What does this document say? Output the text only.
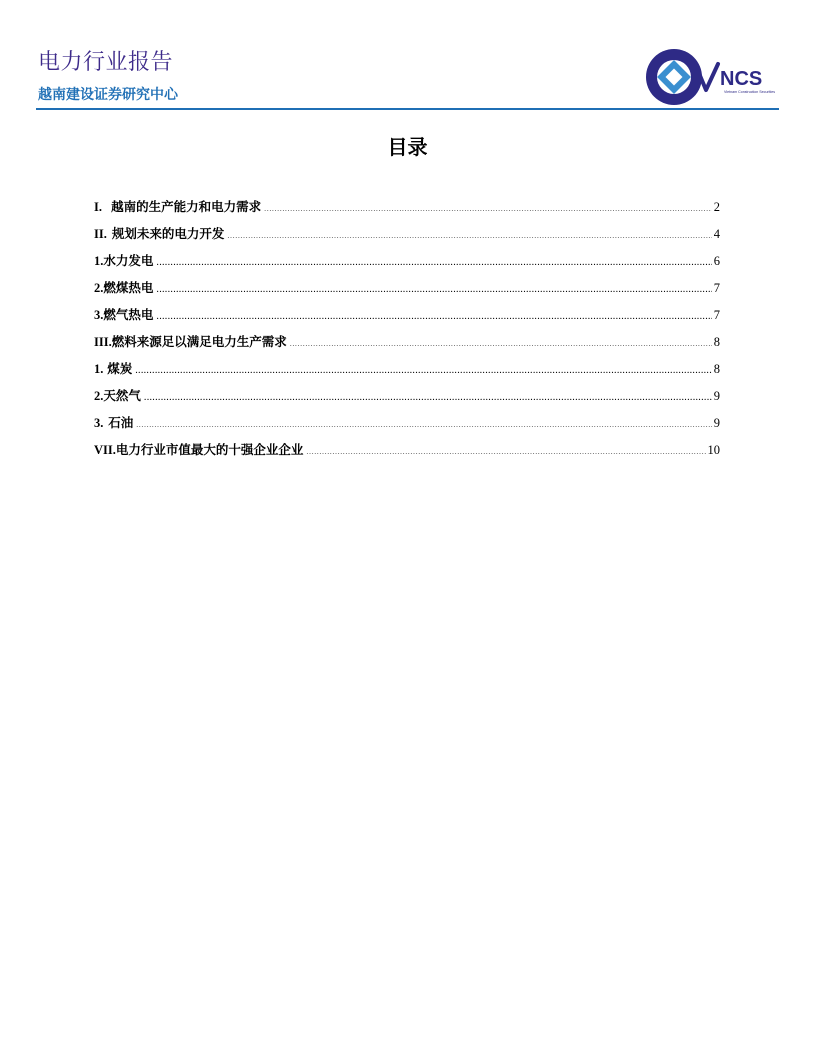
电力行业报告
越南建设证券研究中心
NCS
Vietnam Construction Securities
目录
I. 越南的生产能力和电力需求 .....	2
II. 规划未来的电力开发 .....	4
1. 水力发电 .....	6
2. 燃煤热电 .....	7
3. 燃气热电 .....	7
III. 燃料来源足以满足电力生产需求 .....	8
1. 煤炭 .....	8
2. 天然气 .....	9
3. 石油 .....	9
VII. 电力行业市值最大的十强企业企业 .....	10
